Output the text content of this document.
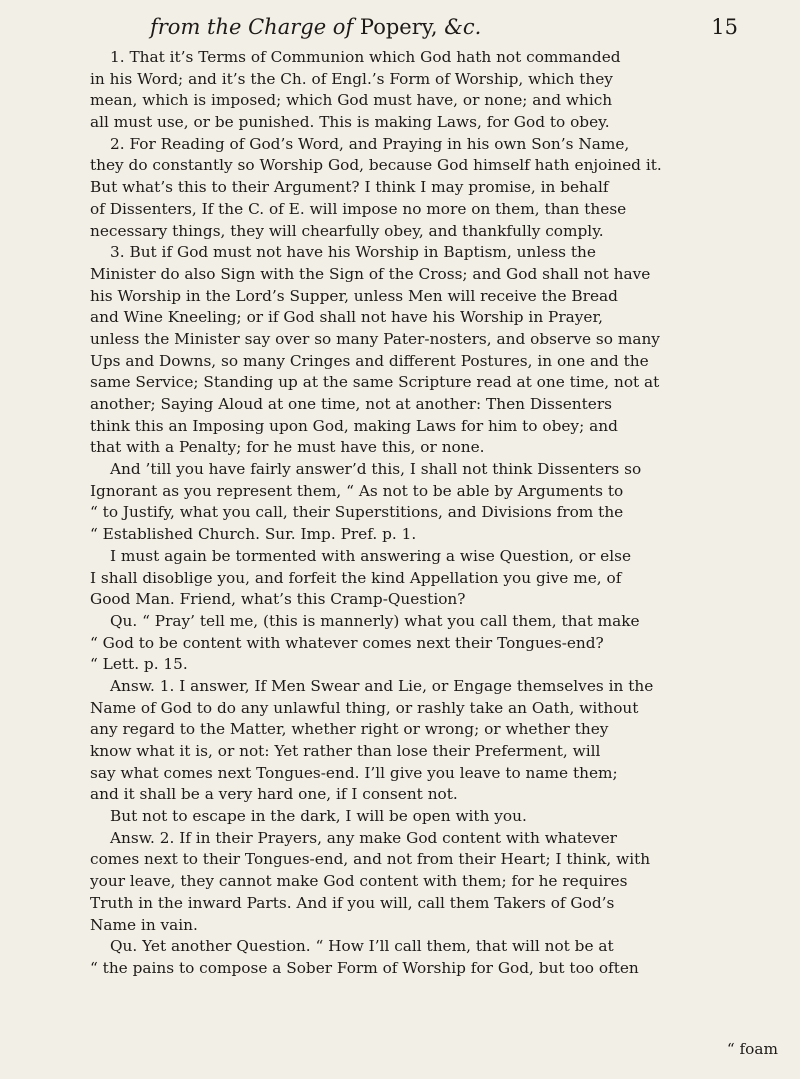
from the Charge of Popery, &c.	15
1. That it’s Terms of Communion which God hath not commanded
in his Word; and it’s the Ch. of Engl.’s Form of Worship, which they
mean, which is imposed; which God must have, or none; and which
all must use, or be punished. This is making Laws, for God to obey.
2. For Reading of God’s Word, and Praying in his own Son’s Name,
they do constantly so Worship God, because God himself hath enjoined it.
But what’s this to their Argument? I think I may promise, in behalf
of Dissenters, If the C. of E. will impose no more on them, than these
necessary things, they will chearfully obey, and thankfully comply.
3. But if God must not have his Worship in Baptism, unless the
Minister do also Sign with the Sign of the Cross; and God shall not have
his Worship in the Lord’s Supper, unless Men will receive the Bread
and Wine Kneeling; or if God shall not have his Worship in Prayer,
unless the Minister say over so many Pater-nosters, and observe so many
Ups and Downs, so many Cringes and different Postures, in one and the
same Service; Standing up at the same Scripture read at one time, not at
another; Saying Aloud at one time, not at another: Then Dissenters
think this an Imposing upon God, making Laws for him to obey; and
that with a Penalty; for he must have this, or none.
And ’till you have fairly answer’d this, I shall not think Dissenters so
Ignorant as you represent them, “ As not to be able by Arguments to
“ to Justify, what you call, their Superstitions, and Divisions from the
“ Established Church. Sur. Imp. Pref. p. 1.
I must again be tormented with answering a wise Question, or else
I shall disoblige you, and forfeit the kind Appellation you give me, of
Good Man. Friend, what’s this Cramp-Question?
Qu. “ Pray’ tell me, (this is mannerly) what you call them, that make
“ God to be content with whatever comes next their Tongues-end?
“ Lett. p. 15.
Answ. 1. I answer, If Men Swear and Lie, or Engage themselves in the
Name of God to do any unlawful thing, or rashly take an Oath, without
any regard to the Matter, whether right or wrong; or whether they
know what it is, or not: Yet rather than lose their Preferment, will
say what comes next Tongues-end. I’ll give you leave to name them;
and it shall be a very hard one, if I consent not.
But not to escape in the dark, I will be open with you.
Answ. 2. If in their Prayers, any make God content with whatever
comes next to their Tongues-end, and not from their Heart; I think, with
your leave, they cannot make God content with them; for he requires
Truth in the inward Parts. And if you will, call them Takers of God’s
Name in vain.
Qu. Yet another Question. “ How I’ll call them, that will not be at
“ the pains to compose a Sober Form of Worship for God, but too often
“ foam
